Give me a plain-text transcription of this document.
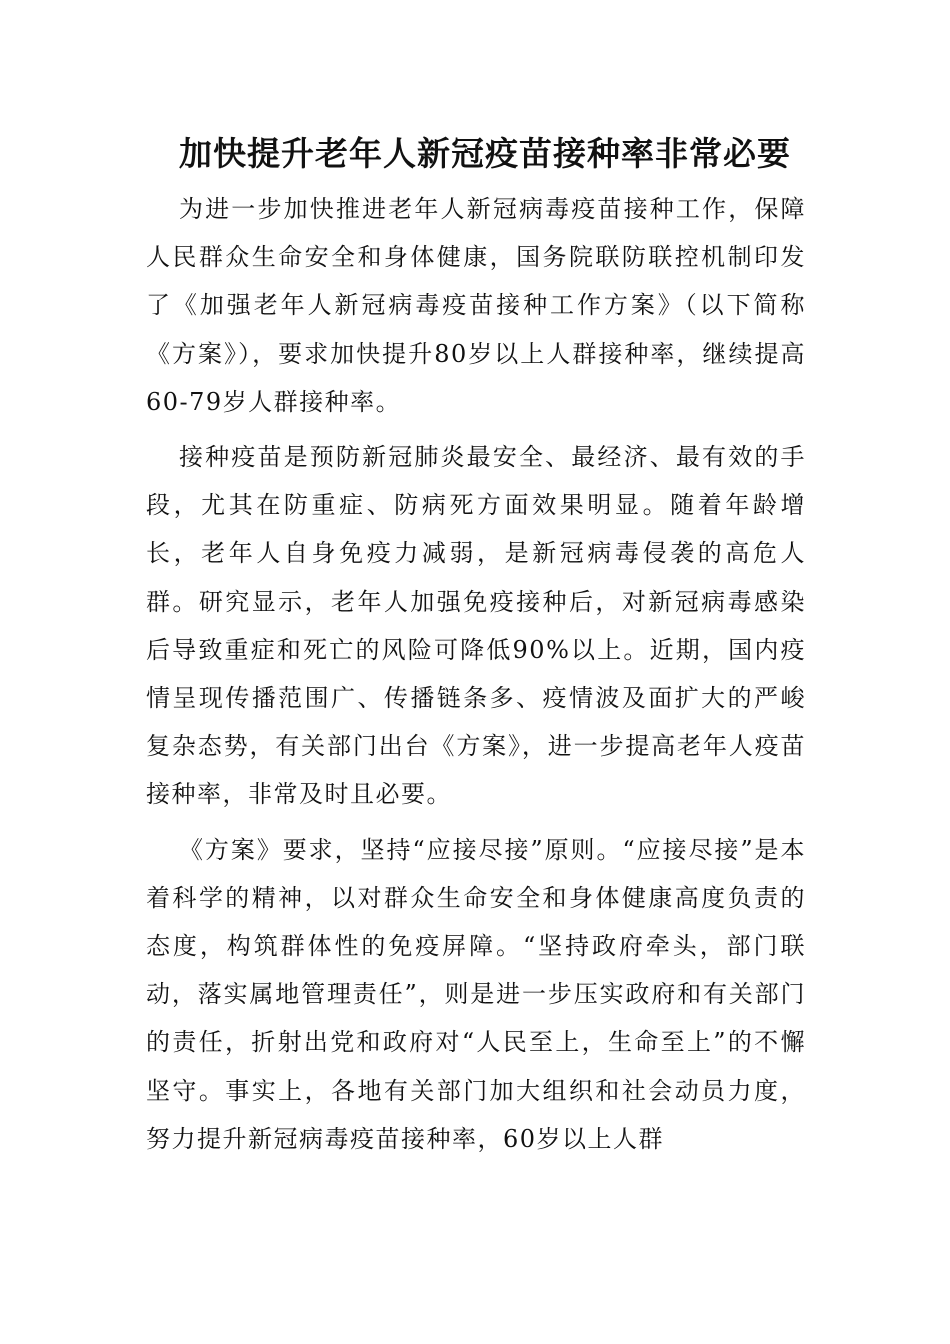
加快提升老年人新冠疫苗接种率非常必要

为进一步加快推进老年人新冠病毒疫苗接种工作，保障人民群众生命安全和身体健康，国务院联防联控机制印发了《加强老年人新冠病毒疫苗接种工作方案》（以下简称《方案》），要求加快提升80岁以上人群接种率，继续提高60-79岁人群接种率。

接种疫苗是预防新冠肺炎最安全、最经济、最有效的手段，尤其在防重症、防病死方面效果明显。随着年龄增长，老年人自身免疫力减弱，是新冠病毒侵袭的高危人群。研究显示，老年人加强免疫接种后，对新冠病毒感染后导致重症和死亡的风险可降低90%以上。近期，国内疫情呈现传播范围广、传播链条多、疫情波及面扩大的严峻复杂态势，有关部门出台《方案》，进一步提高老年人疫苗接种率，非常及时且必要。

《方案》要求，坚持“应接尽接”原则。“应接尽接”是本着科学的精神，以对群众生命安全和身体健康高度负责的态度，构筑群体性的免疫屏障。“坚持政府牵头，部门联动，落实属地管理责任”，则是进一步压实政府和有关部门的责任，折射出党和政府对“人民至上，生命至上”的不懈坚守。事实上，各地有关部门加大组织和社会动员力度，努力提升新冠病毒疫苗接种率，60岁以上人群
